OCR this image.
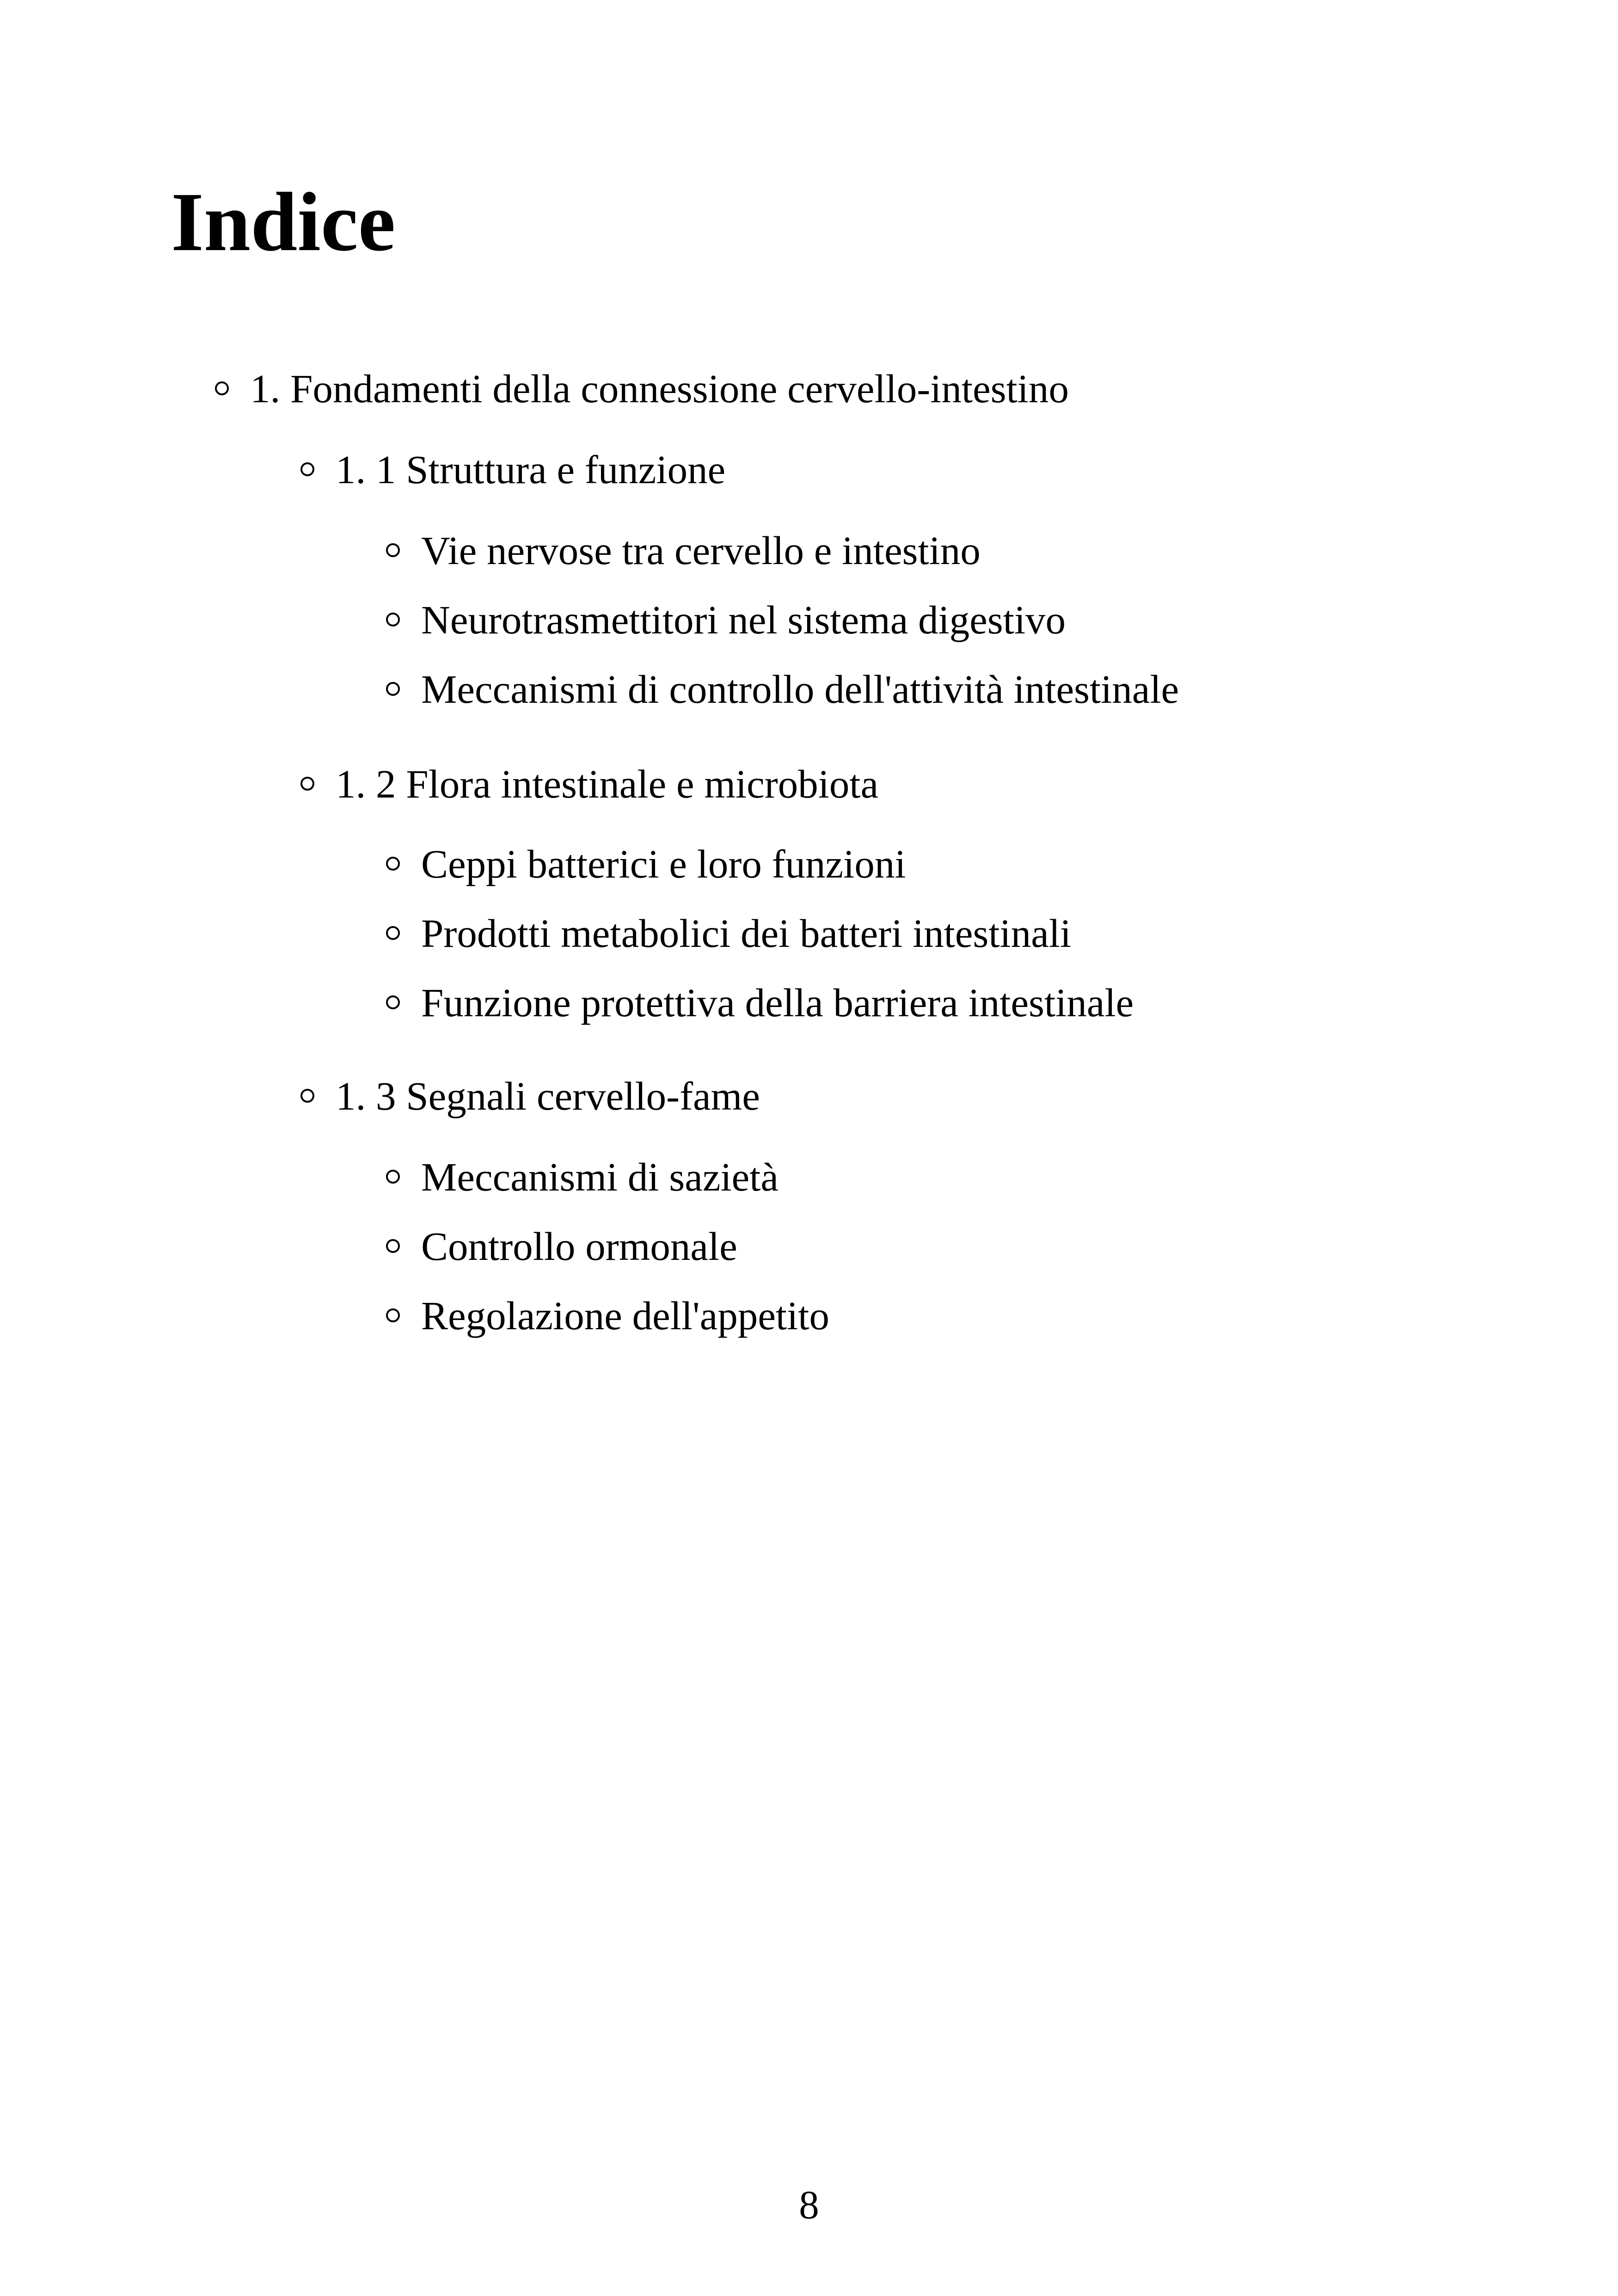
Indice
1. Fondamenti della connessione cervello-intestino
1. 1 Struttura e funzione
Vie nervose tra cervello e intestino
Neurotrasmettitori nel sistema digestivo
Meccanismi di controllo dell'attività intestinale
1. 2 Flora intestinale e microbiota
Ceppi batterici e loro funzioni
Prodotti metabolici dei batteri intestinali
Funzione protettiva della barriera intestinale
1. 3 Segnali cervello-fame
Meccanismi di sazietà
Controllo ormonale
Regolazione dell'appetito
8
